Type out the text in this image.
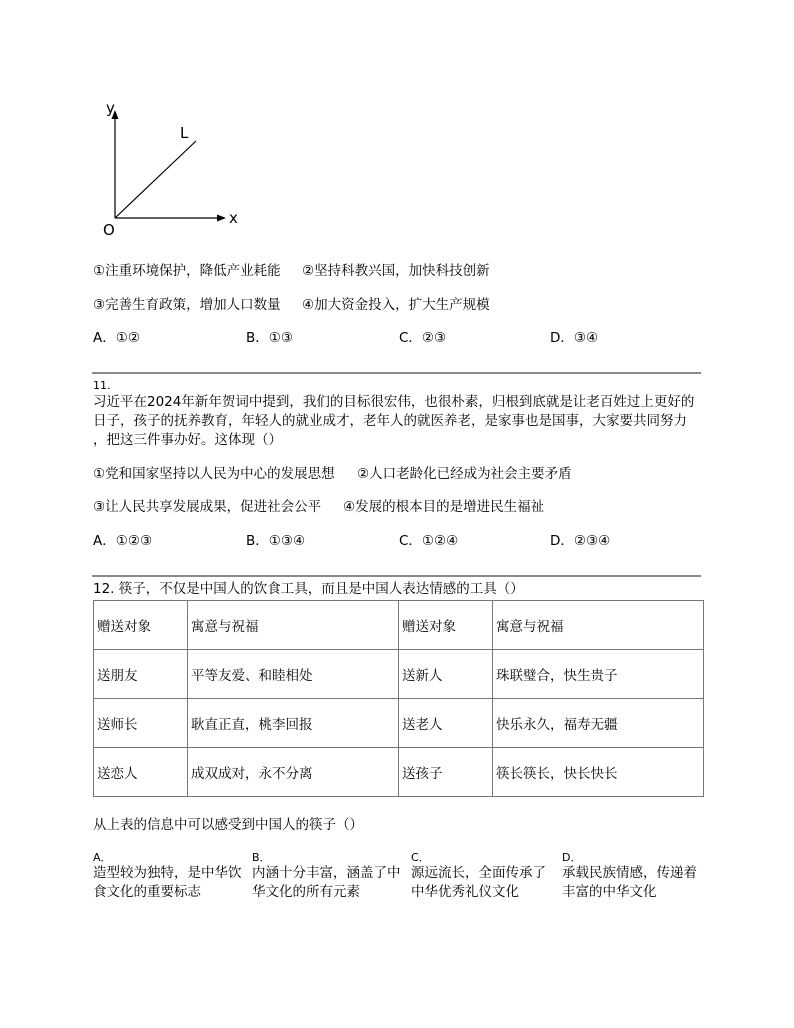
y
L
x
O
①注重环境保护，降低产业耗能 ②坚持科教兴国，加快科技创新
③完善生育政策，增加人口数量 ④加大资金投入，扩大生产规模
A．①②	B．①③	C．②③	D．③④
11.
习近平在2024年新年贺词中提到，我们的目标很宏伟，也很朴素，归根到底就是让老百姓过上更好的
日子，孩子的抚养教育，年轻人的就业成才，老年人的就医养老，是家事也是国事，大家要共同努力
，把这三件事办好。这体现（）
①党和国家坚持以人民为中心的发展思想 ②人口老龄化已经成为社会主要矛盾
③让人民共享发展成果，促进社会公平 ④发展的根本目的是增进民生福祉
A．①②③	B．①③④	C．①②④	D．②③④
12. 筷子，不仅是中国人的饮食工具，而且是中国人表达情感的工具（）
赠送对象	寓意与祝福	赠送对象	寓意与祝福
送朋友	平等友爱、和睦相处	送新人	珠联璧合，快生贵子
送师长	耿直正直，桃李回报	送老人	快乐永久，福寿无疆
送恋人	成双成对，永不分离	送孩子	筷长筷长，快长快长
从上表的信息中可以感受到中国人的筷子（）
A．
造型较为独特，是中华饮
食文化的重要标志
B．
内涵十分丰富，涵盖了中
华文化的所有元素
C．
源远流长，全面传承了
中华优秀礼仪文化
D．
承载民族情感，传递着
丰富的中华文化
